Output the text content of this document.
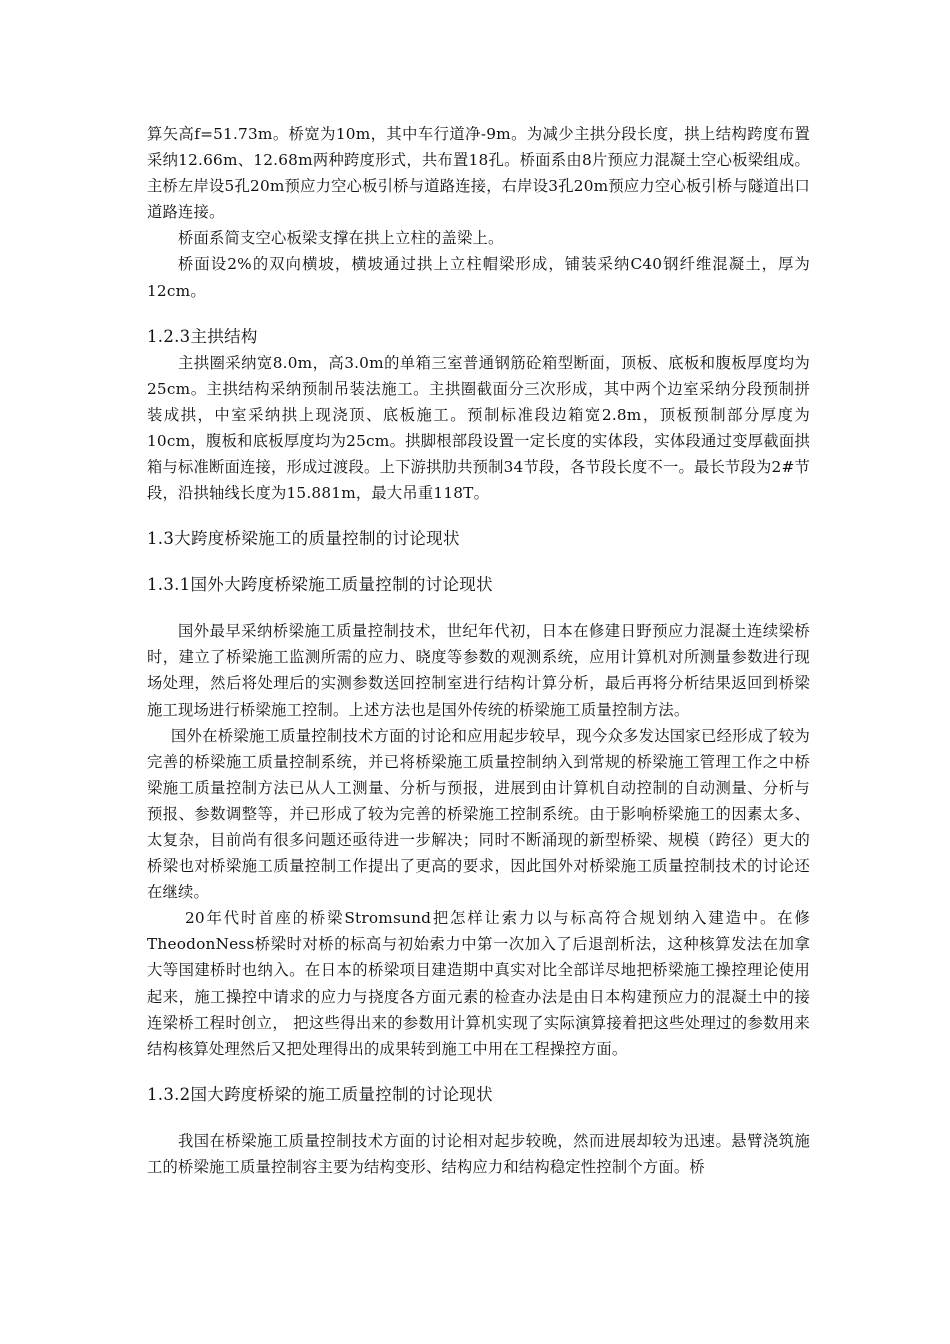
算矢高f=51.73m。桥宽为10m，其中车行道净-9m。为减少主拱分段长度，拱上结构跨度布置采纳12.66m、12.68m两种跨度形式，共布置18孔。桥面系由8片预应力混凝土空心板梁组成。主桥左岸设5孔20m预应力空心板引桥与道路连接，右岸设3孔20m预应力空心板引桥与隧道出口道路连接。

桥面系简支空心板梁支撑在拱上立柱的盖梁上。

桥面设2%的双向横坡，横坡通过拱上立柱帽梁形成，铺装采纳C40钢纤维混凝土，厚为12cm。

1.2.3主拱结构

主拱圈采纳宽8.0m，高3.0m的单箱三室普通钢筋砼箱型断面，顶板、底板和腹板厚度均为25cm。主拱结构采纳预制吊装法施工。主拱圈截面分三次形成，其中两个边室采纳分段预制拼装成拱，中室采纳拱上现浇顶、底板施工。预制标准段边箱宽2.8m，顶板预制部分厚度为10cm，腹板和底板厚度均为25cm。拱脚根部段设置一定长度的实体段，实体段通过变厚截面拱箱与标准断面连接，形成过渡段。上下游拱肋共预制34节段，各节段长度不一。最长节段为2#节段，沿拱轴线长度为15.881m，最大吊重118T。

1.3大跨度桥梁施工的质量控制的讨论现状
1.3.1国外大跨度桥梁施工质量控制的讨论现状

国外最早采纳桥梁施工质量控制技术，世纪年代初，日本在修建日野预应力混凝土连续梁桥时，建立了桥梁施工监测所需的应力、晓度等参数的观测系统，应用计算机对所测量参数进行现场处理，然后将处理后的实测参数送回控制室进行结构计算分析，最后再将分析结果返回到桥梁施工现场进行桥梁施工控制。上述方法也是国外传统的桥梁施工质量控制方法。

国外在桥梁施工质量控制技术方面的讨论和应用起步较早，现今众多发达国家已经形成了较为完善的桥梁施工质量控制系统，并已将桥梁施工质量控制纳入到常规的桥梁施工管理工作之中桥梁施工质量控制方法已从人工测量、分析与预报，进展到由计算机自动控制的自动测量、分析与预报、参数调整等，并已形成了较为完善的桥梁施工控制系统。由于影响桥梁施工的因素太多、太复杂，目前尚有很多问题还亟待进一步解决；同时不断涌现的新型桥梁、规模（跨径）更大的桥梁也对桥梁施工质量控制工作提出了更高的要求，因此国外对桥梁施工质量控制技术的讨论还在继续。

20年代时首座的桥梁Stromsund把怎样让索力以与标高符合规划纳入建造中。在修TheodonNess桥梁时对桥的标高与初始索力中第一次加入了后退剖析法，这种核算发法在加拿大等国建桥时也纳入。在日本的桥梁项目建造期中真实对比全部详尽地把桥梁施工操控理论使用起来，施工操控中请求的应力与挠度各方面元素的检查办法是由日本构建预应力的混凝土中的接连梁桥工程时创立， 把这些得出来的参数用计算机实现了实际演算接着把这些处理过的参数用来结构核算处理然后又把处理得出的成果转到施工中用在工程操控方面。

1.3.2国大跨度桥梁的施工质量控制的讨论现状

我国在桥梁施工质量控制技术方面的讨论相对起步较晚，然而进展却较为迅速。悬臂浇筑施工的桥梁施工质量控制容主要为结构变形、结构应力和结构稳定性控制个方面。桥
